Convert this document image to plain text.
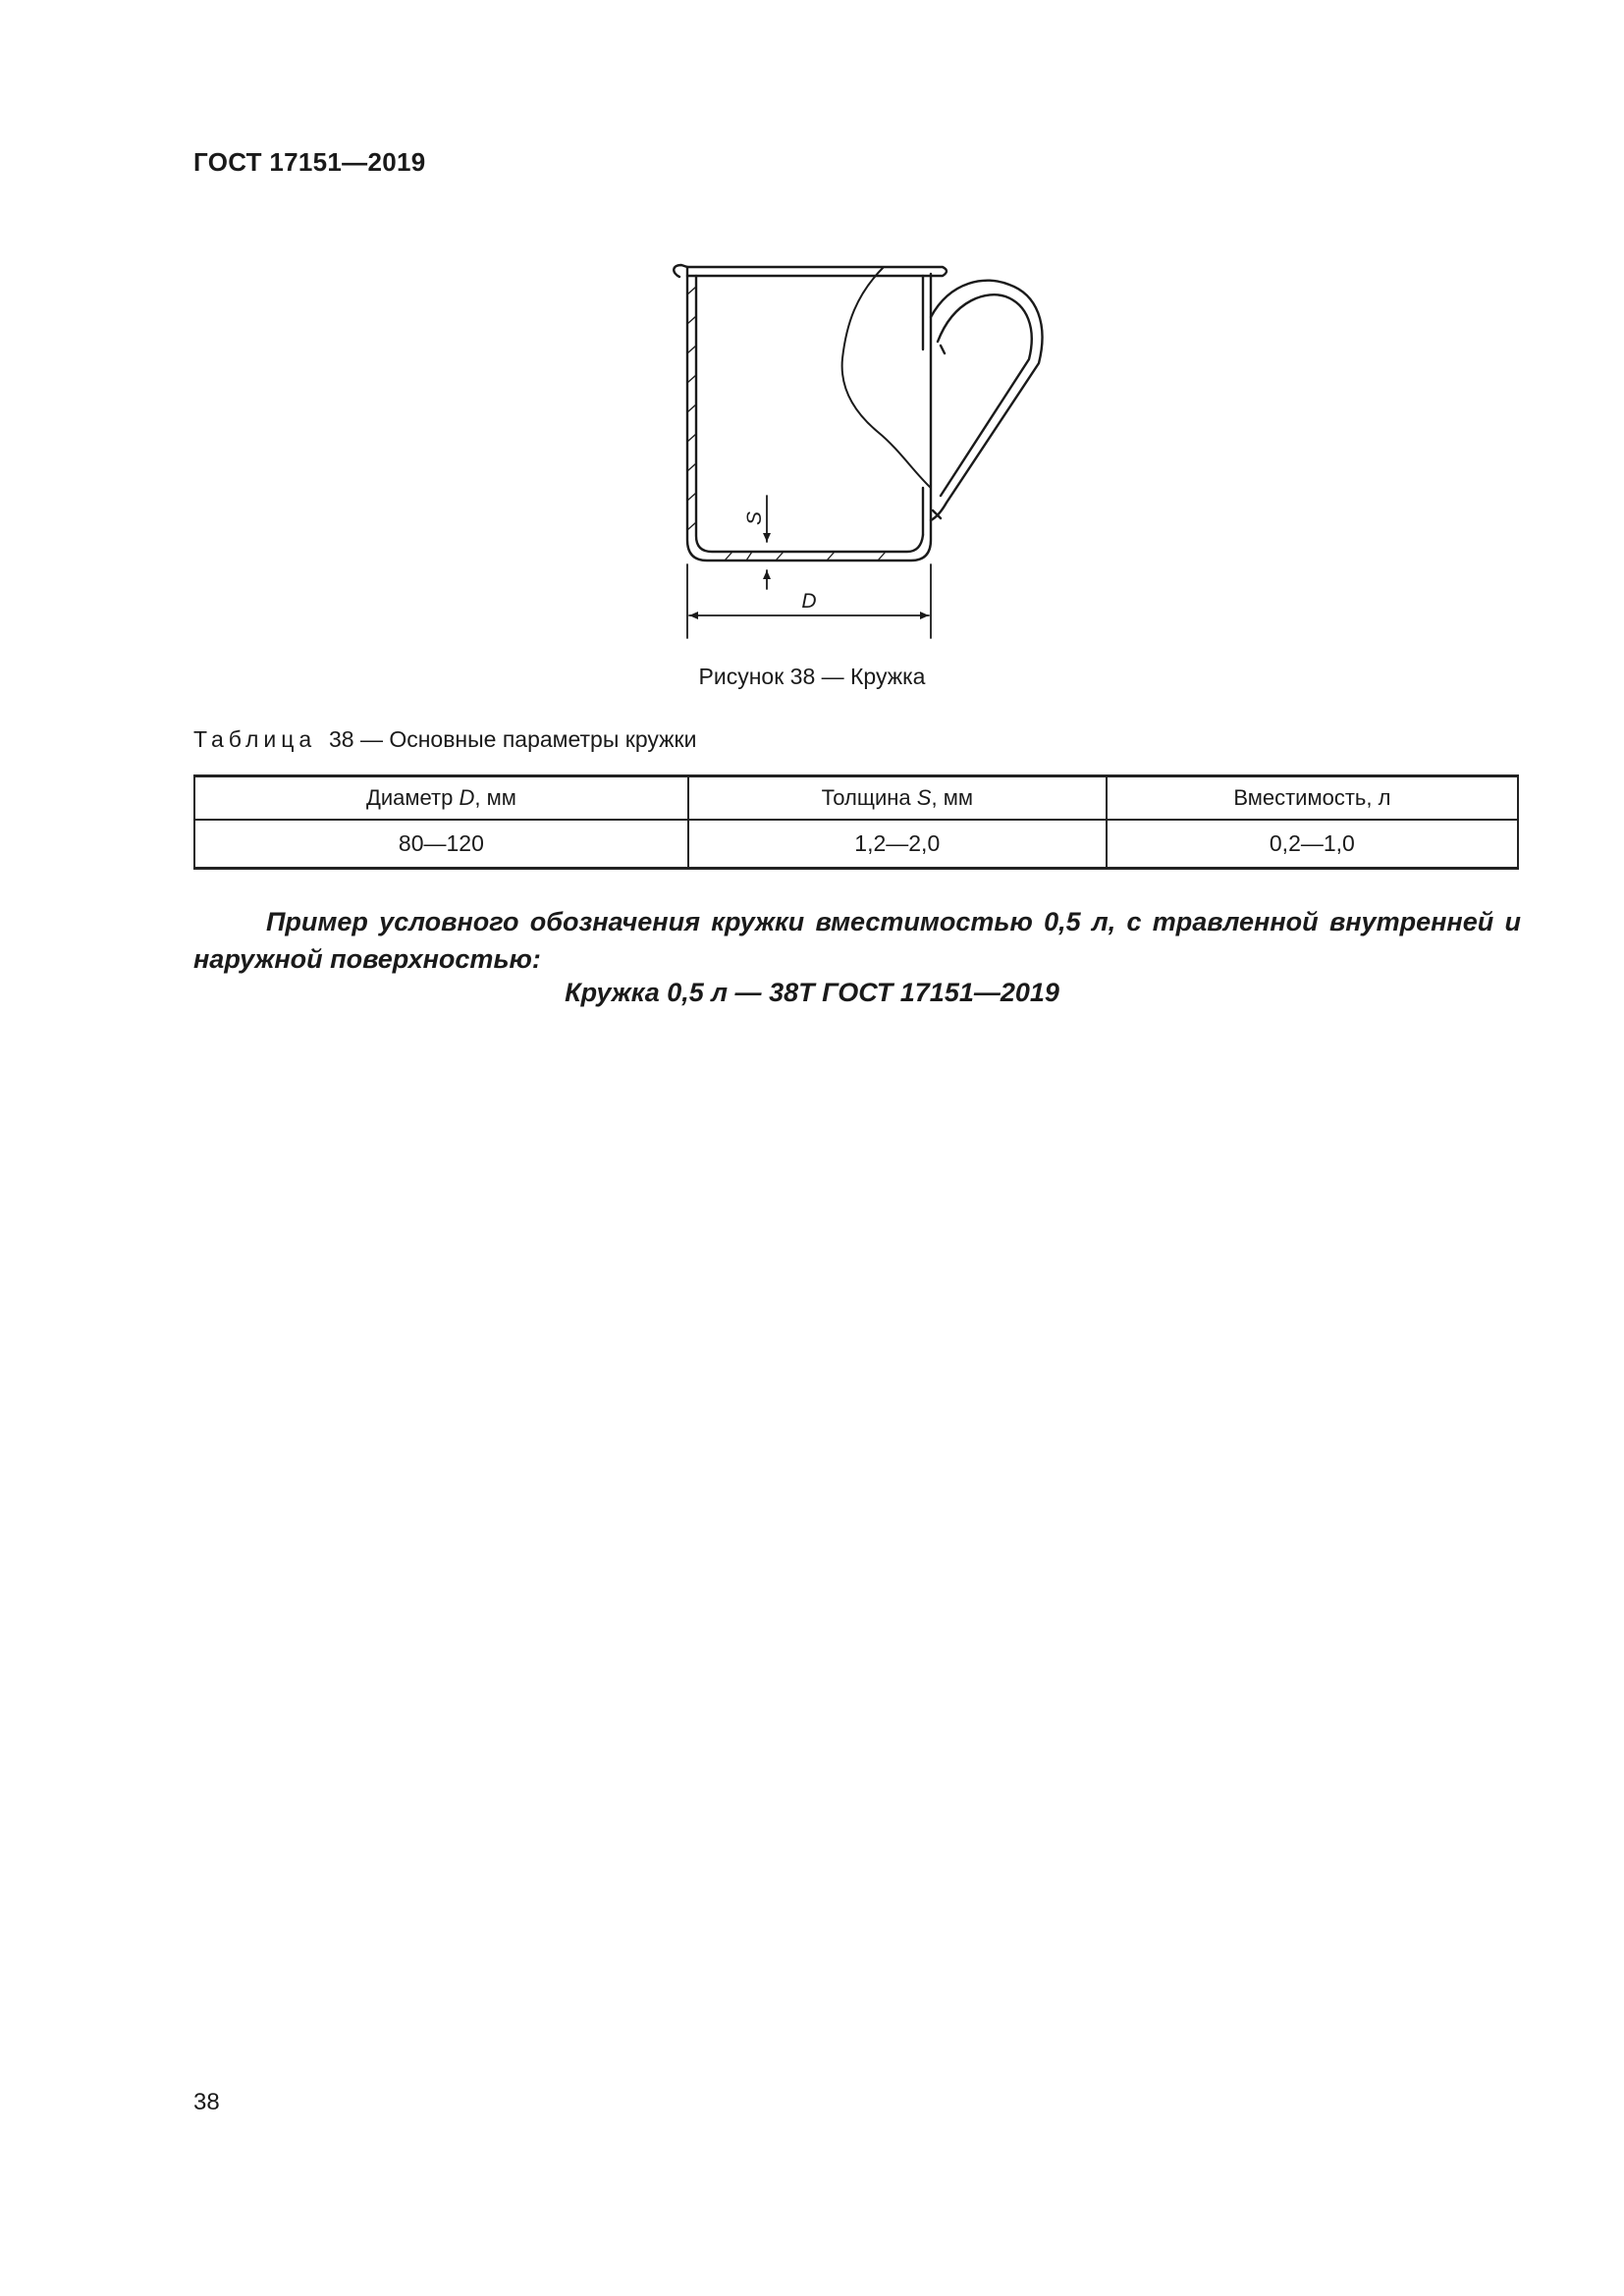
ГОСТ 17151—2019
S
D
Рисунок 38 — Кружка
Таблица 38 — Основные параметры кружки
Диаметр D, мм	Толщина S, мм	Вместимость, л
80—120	1,2—2,0	0,2—1,0
Пример условного обозначения кружки вместимостью 0,5 л, с травленной внутренней и наружной поверхностью:
Кружка 0,5 л — 38Т ГОСТ 17151—2019
38
